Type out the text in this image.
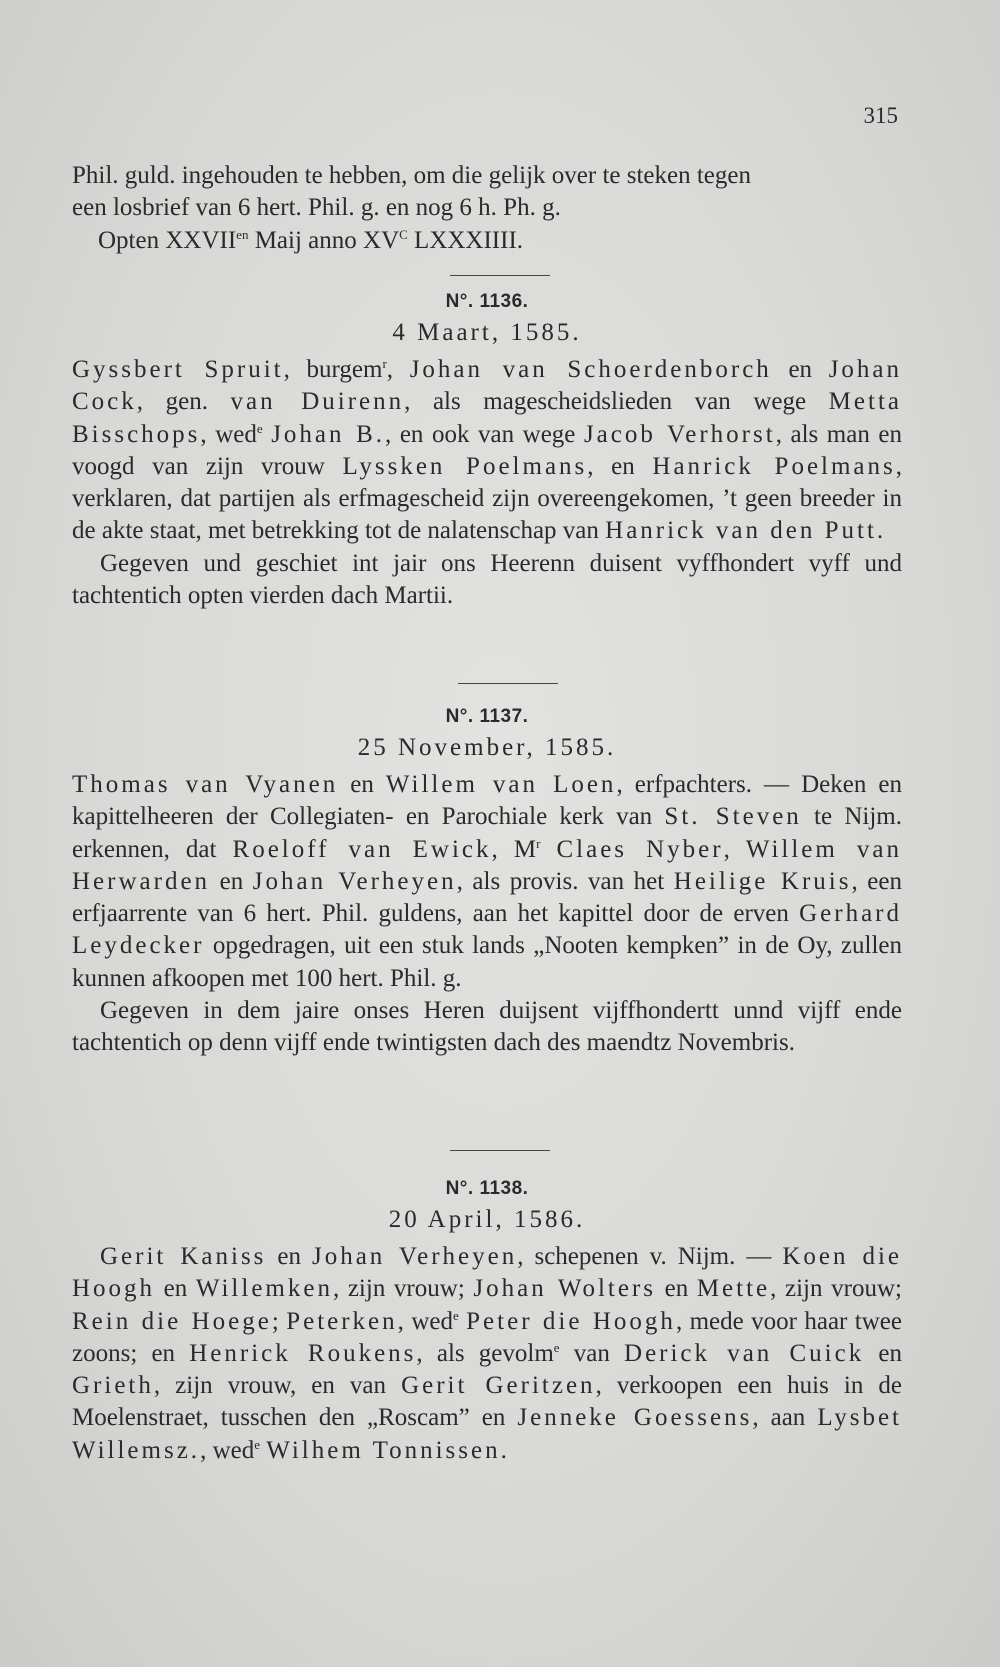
315

Phil. guld. ingehouden te hebben, om die gelijk over te steken tegen

een losbrief van 6 hert. Phil. g. en nog 6 h. Ph. g.

Opten $XXVII^{en}$ Maij anno $XV^C$ LXXXIIII.

N°. 1136.

4 Maart, 1585.

Gyssbert Spruit, burgem$^r$, Johan van Schoerdenborch en Johan Cock, gen. van Duirenn, als magescheidslieden van wege Metta Bisschops, wed$^e$ Johan B., en ook van wege Jacob Verhorst, als man en voogd van zijn vrouw Lyssken Poelmans, en Hanrick Poelmans, verklaren, dat partijen als erfmagescheid zijn overeengekomen, ’t geen breeder in de akte staat, met betrekking tot de nalatenschap van Hanrick van den Putt.

Gegeven und geschiet int jair ons Heerenn duisent vyffhondert vyff und tachtentich opten vierden dach Martii.

N°. 1137.

25 November, 1585.

Thomas van Vyanen en Willem van Loen, erfpachters. — Deken en kapittelheeren der Collegiaten- en Parochiale kerk van St. Steven te Nijm. erkennen, dat Roeloff van Ewick, $M^r$ Claes Nyber, Willem van Herwarden en Johan Verheyen, als provis. van het Heilige Kruis, een erfjaarrente van 6 hert. Phil. guldens, aan het kapittel door de erven Gerhard Leydecker opgedragen, uit een stuk lands „Nooten kempken” in de Oy, zullen kunnen afkoopen met 100 hert. Phil. g.

Gegeven in dem jaire onses Heren duijsent vijffhondertt unnd vijff ende tachtentich op denn vijff ende twintigsten dach des maendtz Novembris.

N°. 1138.

20 April, 1586.

Gerit Kaniss en Johan Verheyen, schepenen v. Nijm. — Koen die Hoogh en Willemken, zijn vrouw; Johan Wolters en Mette, zijn vrouw; Rein die Hoege; Peterken, wed$^e$ Peter die Hoogh, mede voor haar twee zoons; en Henrick Roukens, als gevolm$^e$ van Derick van Cuick en Grieth, zijn vrouw, en van Gerit Geritzen, verkoopen een huis in de Moelenstraet, tusschen den „Roscam” en Jenneke Goessens, aan Lysbet Willemsz., wed$^e$ Wilhem Tonnissen.
